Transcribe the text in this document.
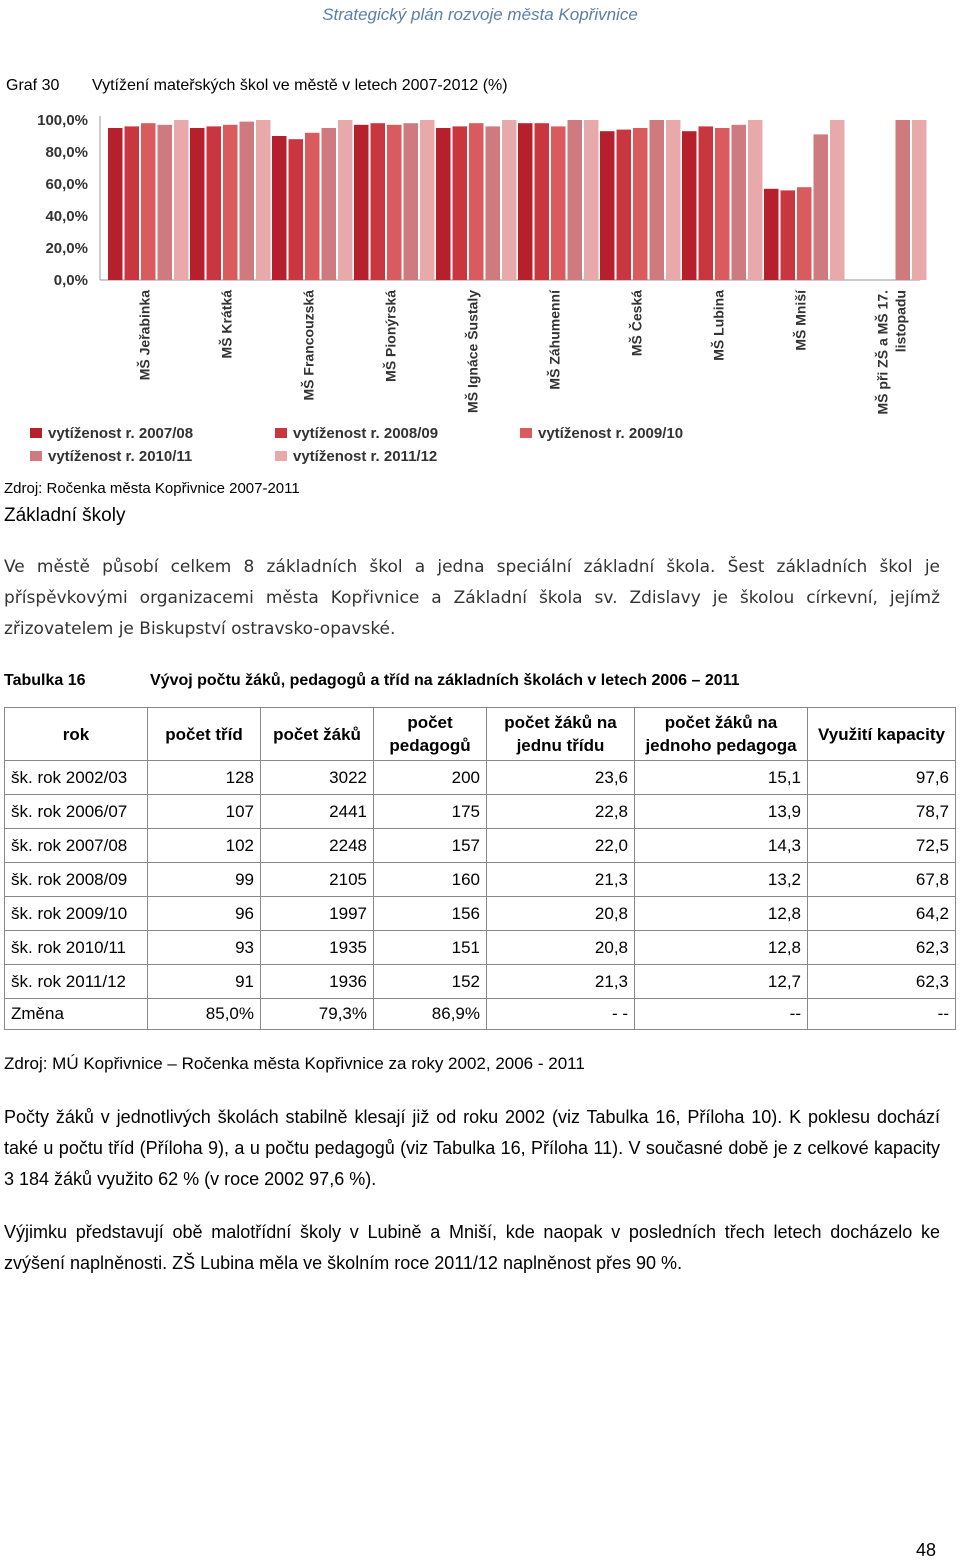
Strategický plán rozvoje města Kopřivnice
Graf 30 Vytížení mateřských škol ve městě v letech 2007-2012 (%)
100,0%
80,0%
60,0%
40,0%
20,0%
0,0%
MŠ Jeřabinka	MŠ Krátká	MŠ Francouzská	MŠ Pionýrská	MŠ Ignáce Šustaly	MŠ Záhumenní	MŠ Česká	MŠ Lubina	MŠ Mniší	MŠ při ZŠ a MŠ 17. listopadu
vytíženost r. 2007/08	vytíženost r. 2008/09	vytíženost r. 2009/10
vytíženost r. 2010/11	vytíženost r. 2011/12
Zdroj: Ročenka města Kopřivnice 2007-2011
Základní školy
Ve městě působí celkem 8 základních škol a jedna speciální základní škola. Šest základních škol je příspěvkovými organizacemi města Kopřivnice a Základní škola sv. Zdislavy je školou církevní, jejímž zřizovatelem je Biskupství ostravsko-opavské.
Tabulka 16	Vývoj počtu žáků, pedagogů a tříd na základních školách v letech 2006 – 2011
rok	počet tříd	počet žáků	počet pedagogů	počet žáků na jednu třídu	počet žáků na jednoho pedagoga	Využití kapacity
šk. rok 2002/03	128	3022	200	23,6	15,1	97,6
šk. rok 2006/07	107	2441	175	22,8	13,9	78,7
šk. rok 2007/08	102	2248	157	22,0	14,3	72,5
šk. rok 2008/09	99	2105	160	21,3	13,2	67,8
šk. rok 2009/10	96	1997	156	20,8	12,8	64,2
šk. rok 2010/11	93	1935	151	20,8	12,8	62,3
šk. rok 2011/12	91	1936	152	21,3	12,7	62,3
Změna	85,0%	79,3%	86,9%	- -	--	--
Zdroj: MÚ Kopřivnice – Ročenka města Kopřivnice za roky 2002, 2006 - 2011
Počty žáků v jednotlivých školách stabilně klesají již od roku 2002 (viz Tabulka 16, Příloha 10). K poklesu dochází také u počtu tříd (Příloha 9), a u počtu pedagogů (viz Tabulka 16, Příloha 11). V současné době je z celkové kapacity 3 184 žáků využito 62 % (v roce 2002 97,6 %).
Výjimku představují obě malotřídní školy v Lubině a Mniší, kde naopak v posledních třech letech docházelo ke zvýšení naplněnosti. ZŠ Lubina měla ve školním roce 2011/12 naplněnost přes 90 %.
48
